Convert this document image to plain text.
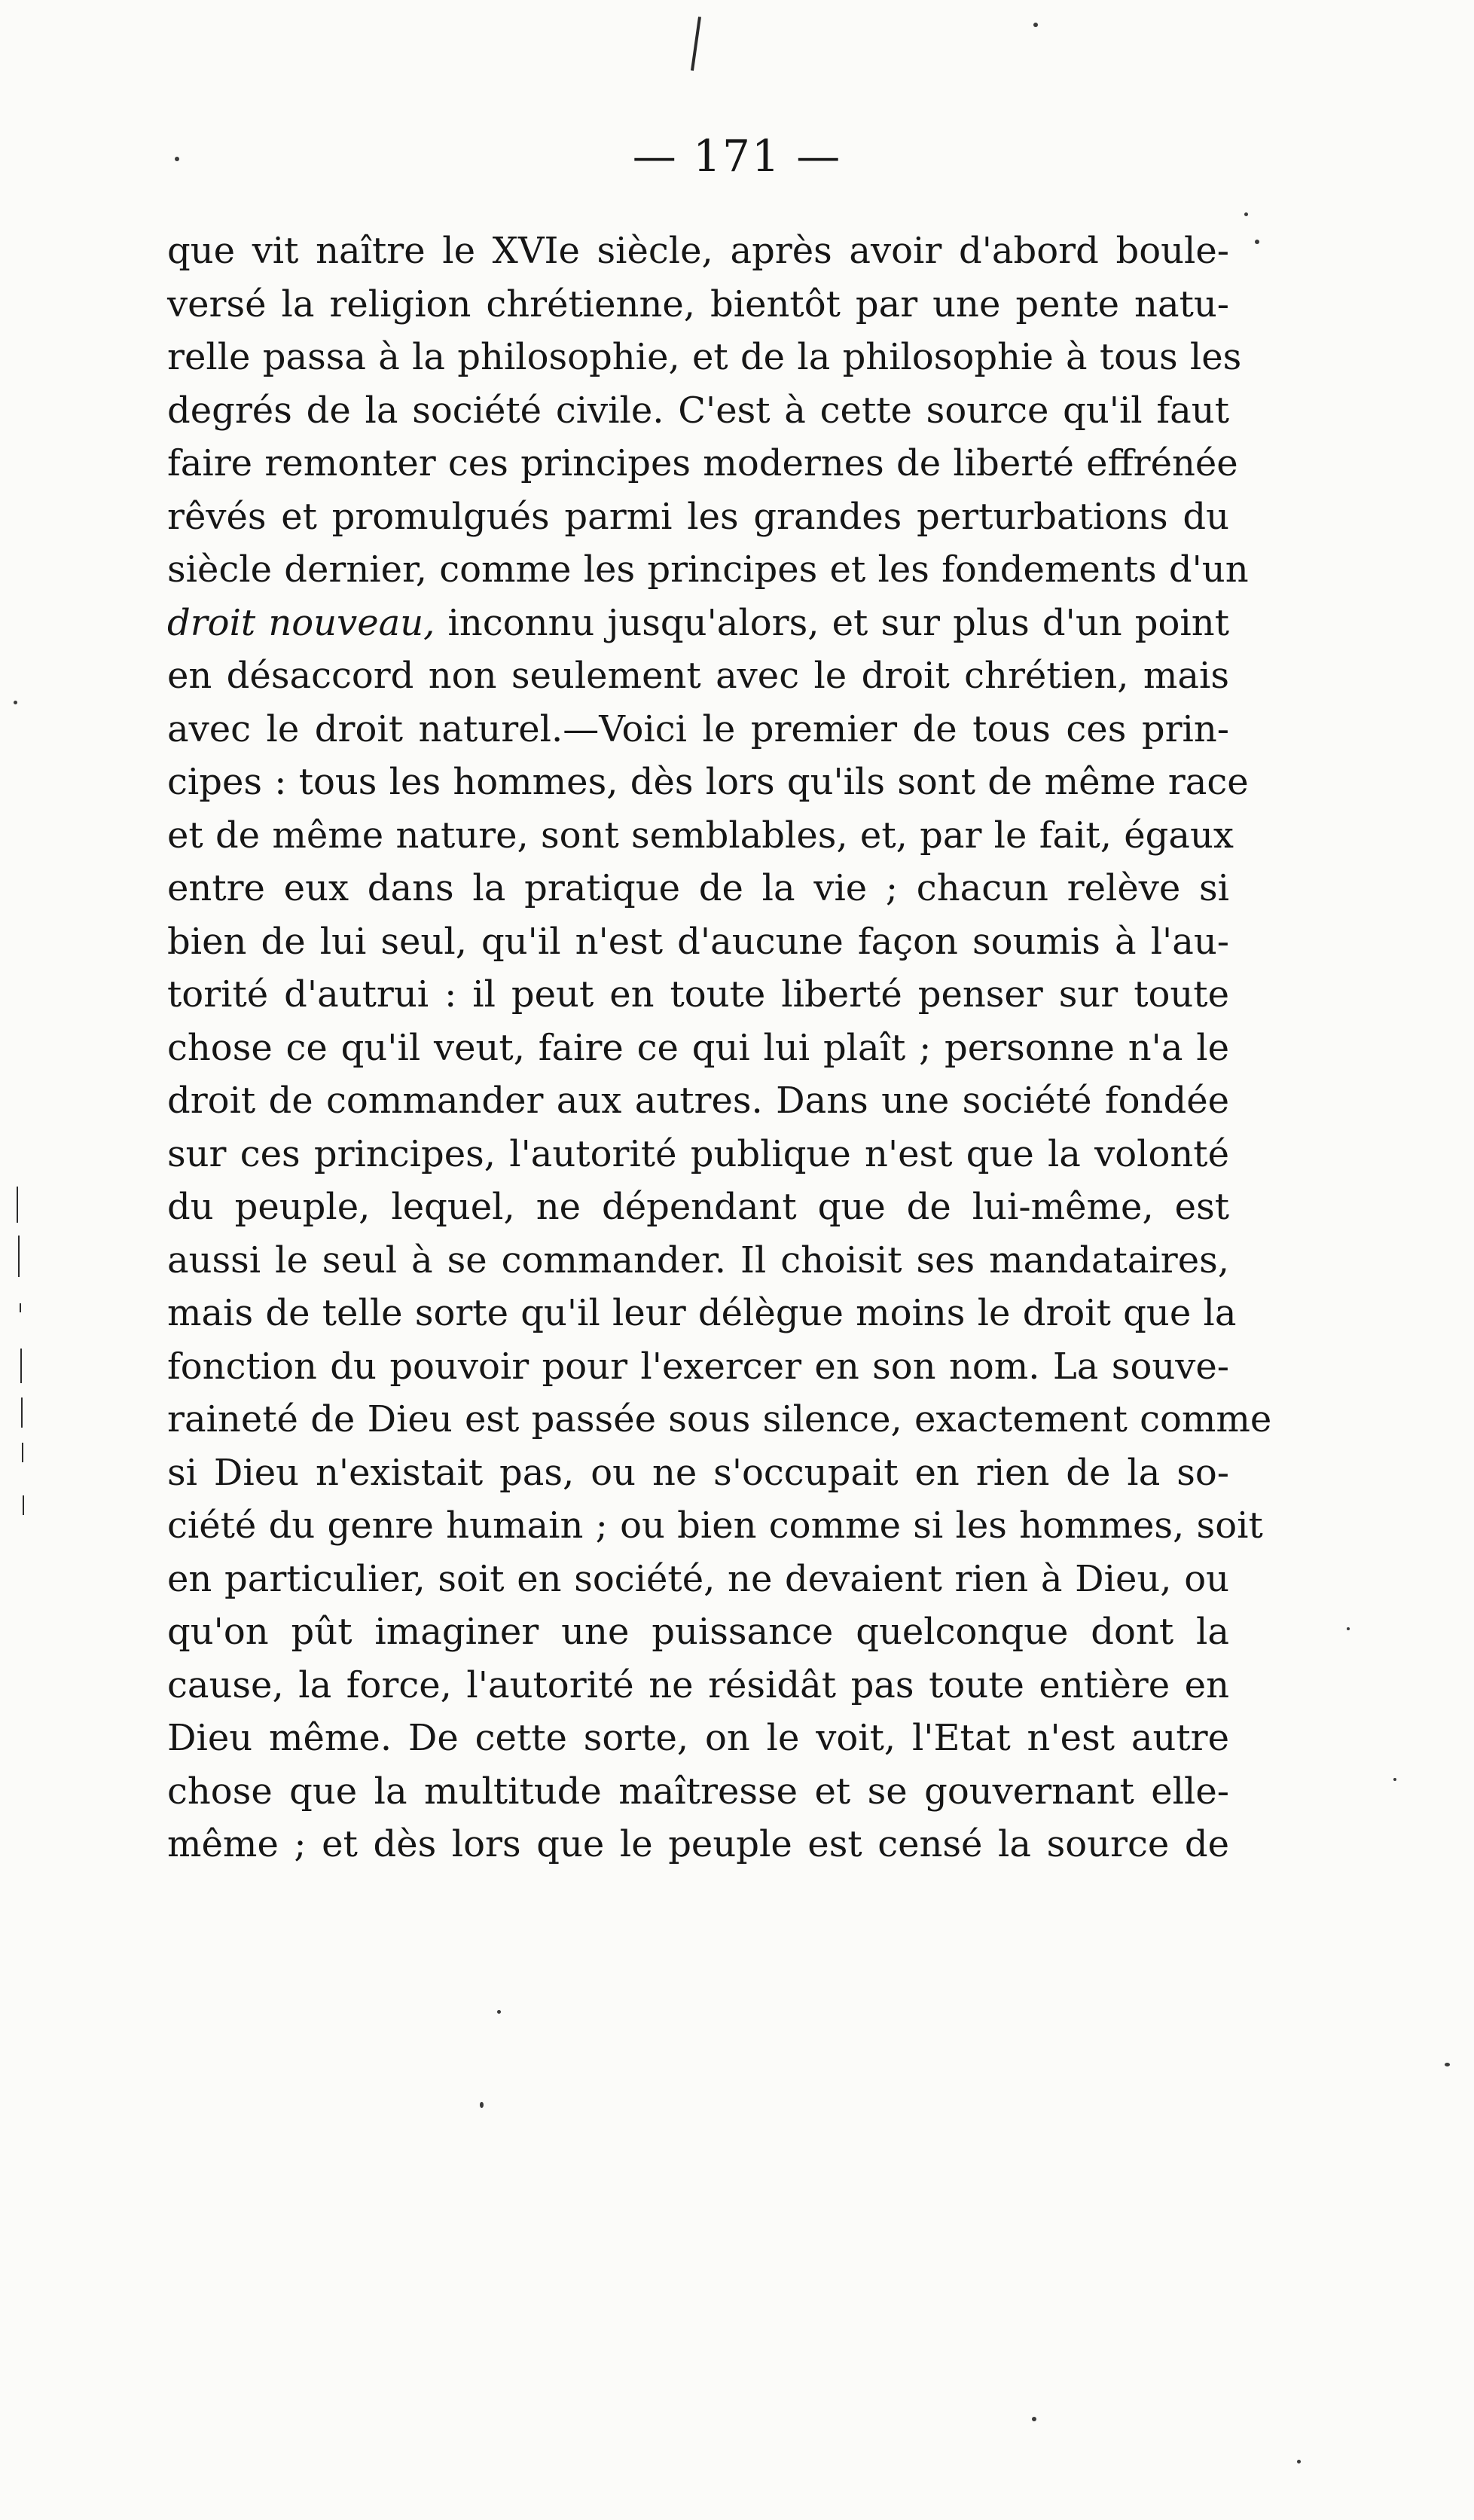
— 171 —
que vit naître le XVIe siècle, après avoir d'abord boule-
versé la religion chrétienne, bientôt par une pente natu-
relle passa à la philosophie, et de la philosophie à tous les
degrés de la société civile. C'est à cette source qu'il faut
faire remonter ces principes modernes de liberté effrénée
rêvés et promulgués parmi les grandes perturbations du
siècle dernier, comme les principes et les fondements d'un
droit nouveau, inconnu jusqu'alors, et sur plus d'un point
en désaccord non seulement avec le droit chrétien, mais
avec le droit naturel.—Voici le premier de tous ces prin-
cipes : tous les hommes, dès lors qu'ils sont de même race
et de même nature, sont semblables, et, par le fait, égaux
entre eux dans la pratique de la vie ; chacun relève si
bien de lui seul, qu'il n'est d'aucune façon soumis à l'au-
torité d'autrui : il peut en toute liberté penser sur toute
chose ce qu'il veut, faire ce qui lui plaît ; personne n'a le
droit de commander aux autres. Dans une société fondée
sur ces principes, l'autorité publique n'est que la volonté
du peuple, lequel, ne dépendant que de lui-même, est
aussi le seul à se commander. Il choisit ses mandataires,
mais de telle sorte qu'il leur délègue moins le droit que la
fonction du pouvoir pour l'exercer en son nom. La souve-
raineté de Dieu est passée sous silence, exactement comme
si Dieu n'existait pas, ou ne s'occupait en rien de la so-
ciété du genre humain ; ou bien comme si les hommes, soit
en particulier, soit en société, ne devaient rien à Dieu, ou
qu'on pût imaginer une puissance quelconque dont la
cause, la force, l'autorité ne résidât pas toute entière en
Dieu même. De cette sorte, on le voit, l'Etat n'est autre
chose que la multitude maîtresse et se gouvernant elle-
même ; et dès lors que le peuple est censé la source de
